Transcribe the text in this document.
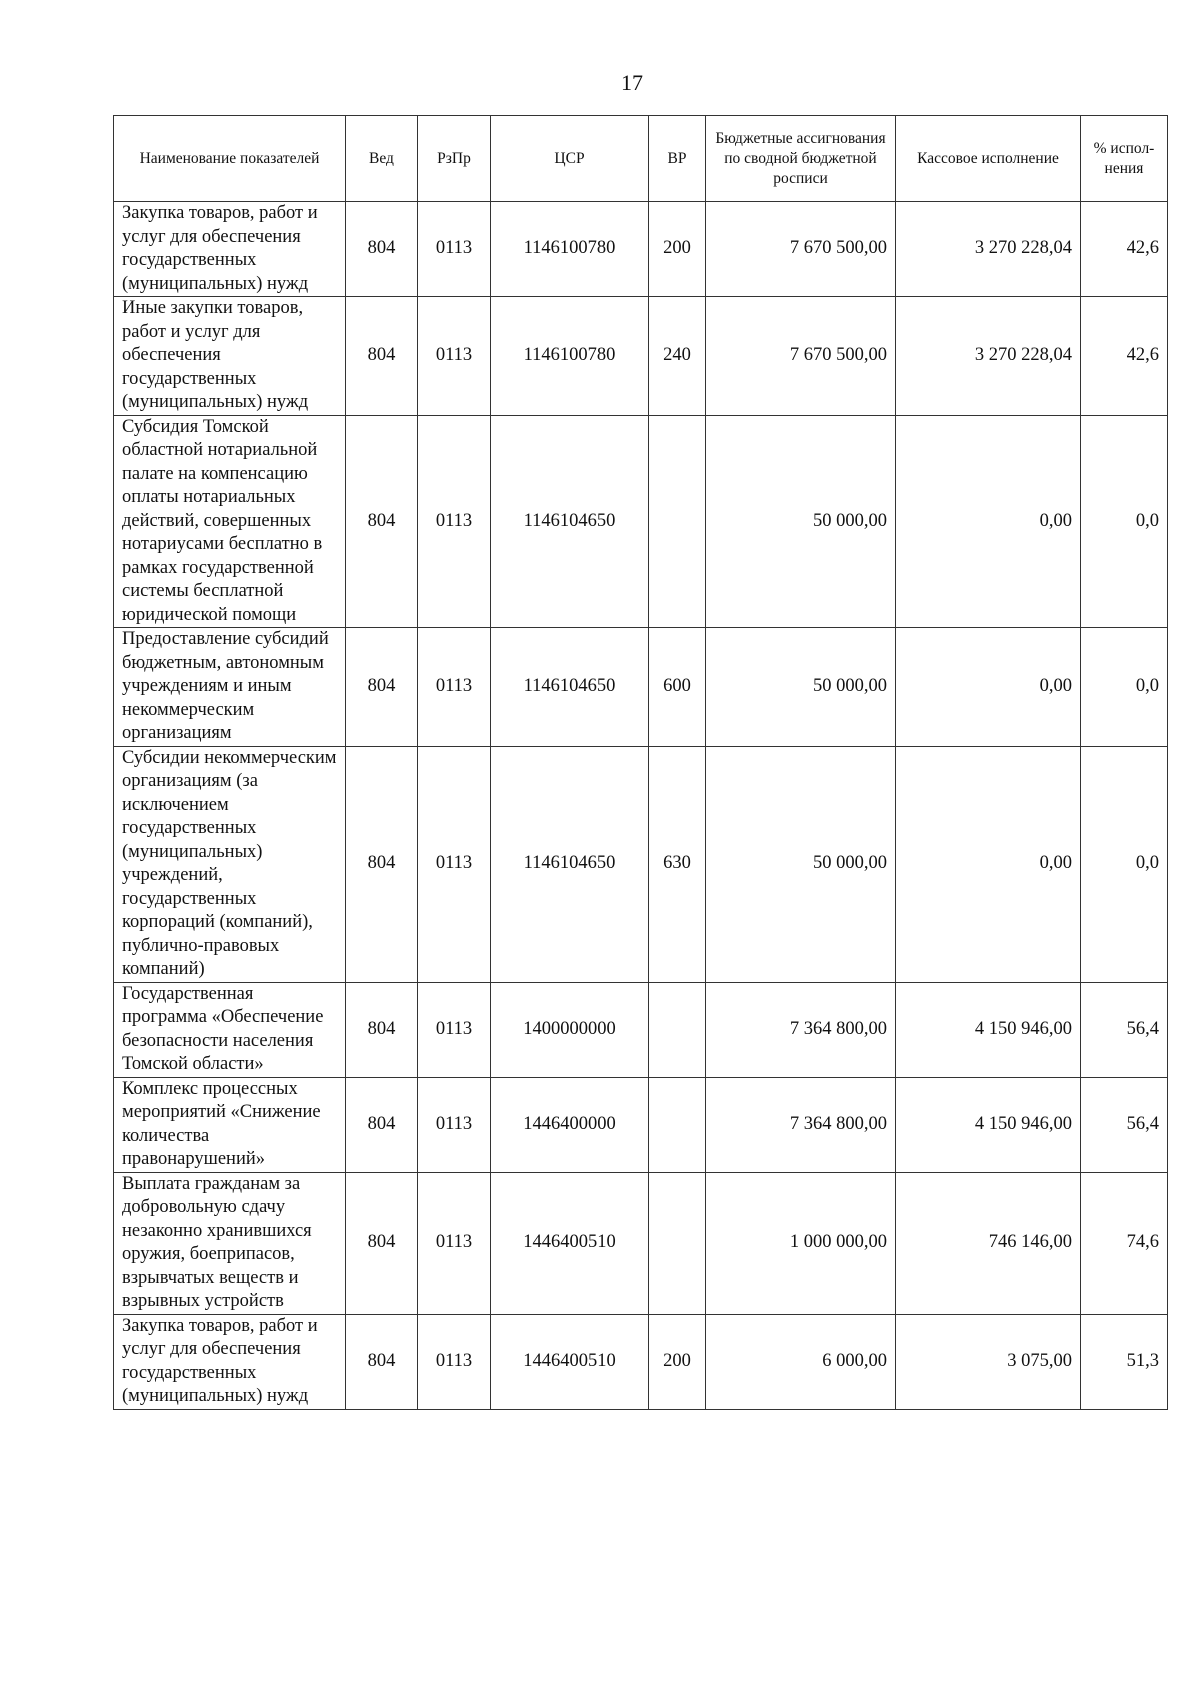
17
Наименование показателей	Вед	РзПр	ЦСР	ВР	Бюджетные ассигнования по сводной бюджетной росписи	Кассовое исполнение	% испол-нения
Закупка товаров, работ и услуг для обеспечения государственных (муниципальных) нужд	804	0113	1146100780	200	7 670 500,00	3 270 228,04	42,6
Иные закупки товаров, работ и услуг для обеспечения государственных (муниципальных) нужд	804	0113	1146100780	240	7 670 500,00	3 270 228,04	42,6
Субсидия Томской областной нотариальной палате на компенсацию оплаты нотариальных действий, совершенных нотариусами бесплатно в рамках государственной системы бесплатной юридической помощи	804	0113	1146104650		50 000,00	0,00	0,0
Предоставление субсидий бюджетным, автономным учреждениям и иным некоммерческим организациям	804	0113	1146104650	600	50 000,00	0,00	0,0
Субсидии некоммерческим организациям (за исключением государственных (муниципальных) учреждений, государственных корпораций (компаний), публично-правовых компаний)	804	0113	1146104650	630	50 000,00	0,00	0,0
Государственная программа «Обеспечение безопасности населения Томской области»	804	0113	1400000000		7 364 800,00	4 150 946,00	56,4
Комплекс процессных мероприятий «Снижение количества правонарушений»	804	0113	1446400000		7 364 800,00	4 150 946,00	56,4
Выплата гражданам за добровольную сдачу незаконно хранившихся оружия, боеприпасов, взрывчатых веществ и взрывных устройств	804	0113	1446400510		1 000 000,00	746 146,00	74,6
Закупка товаров, работ и услуг для обеспечения государственных (муниципальных) нужд	804	0113	1446400510	200	6 000,00	3 075,00	51,3
